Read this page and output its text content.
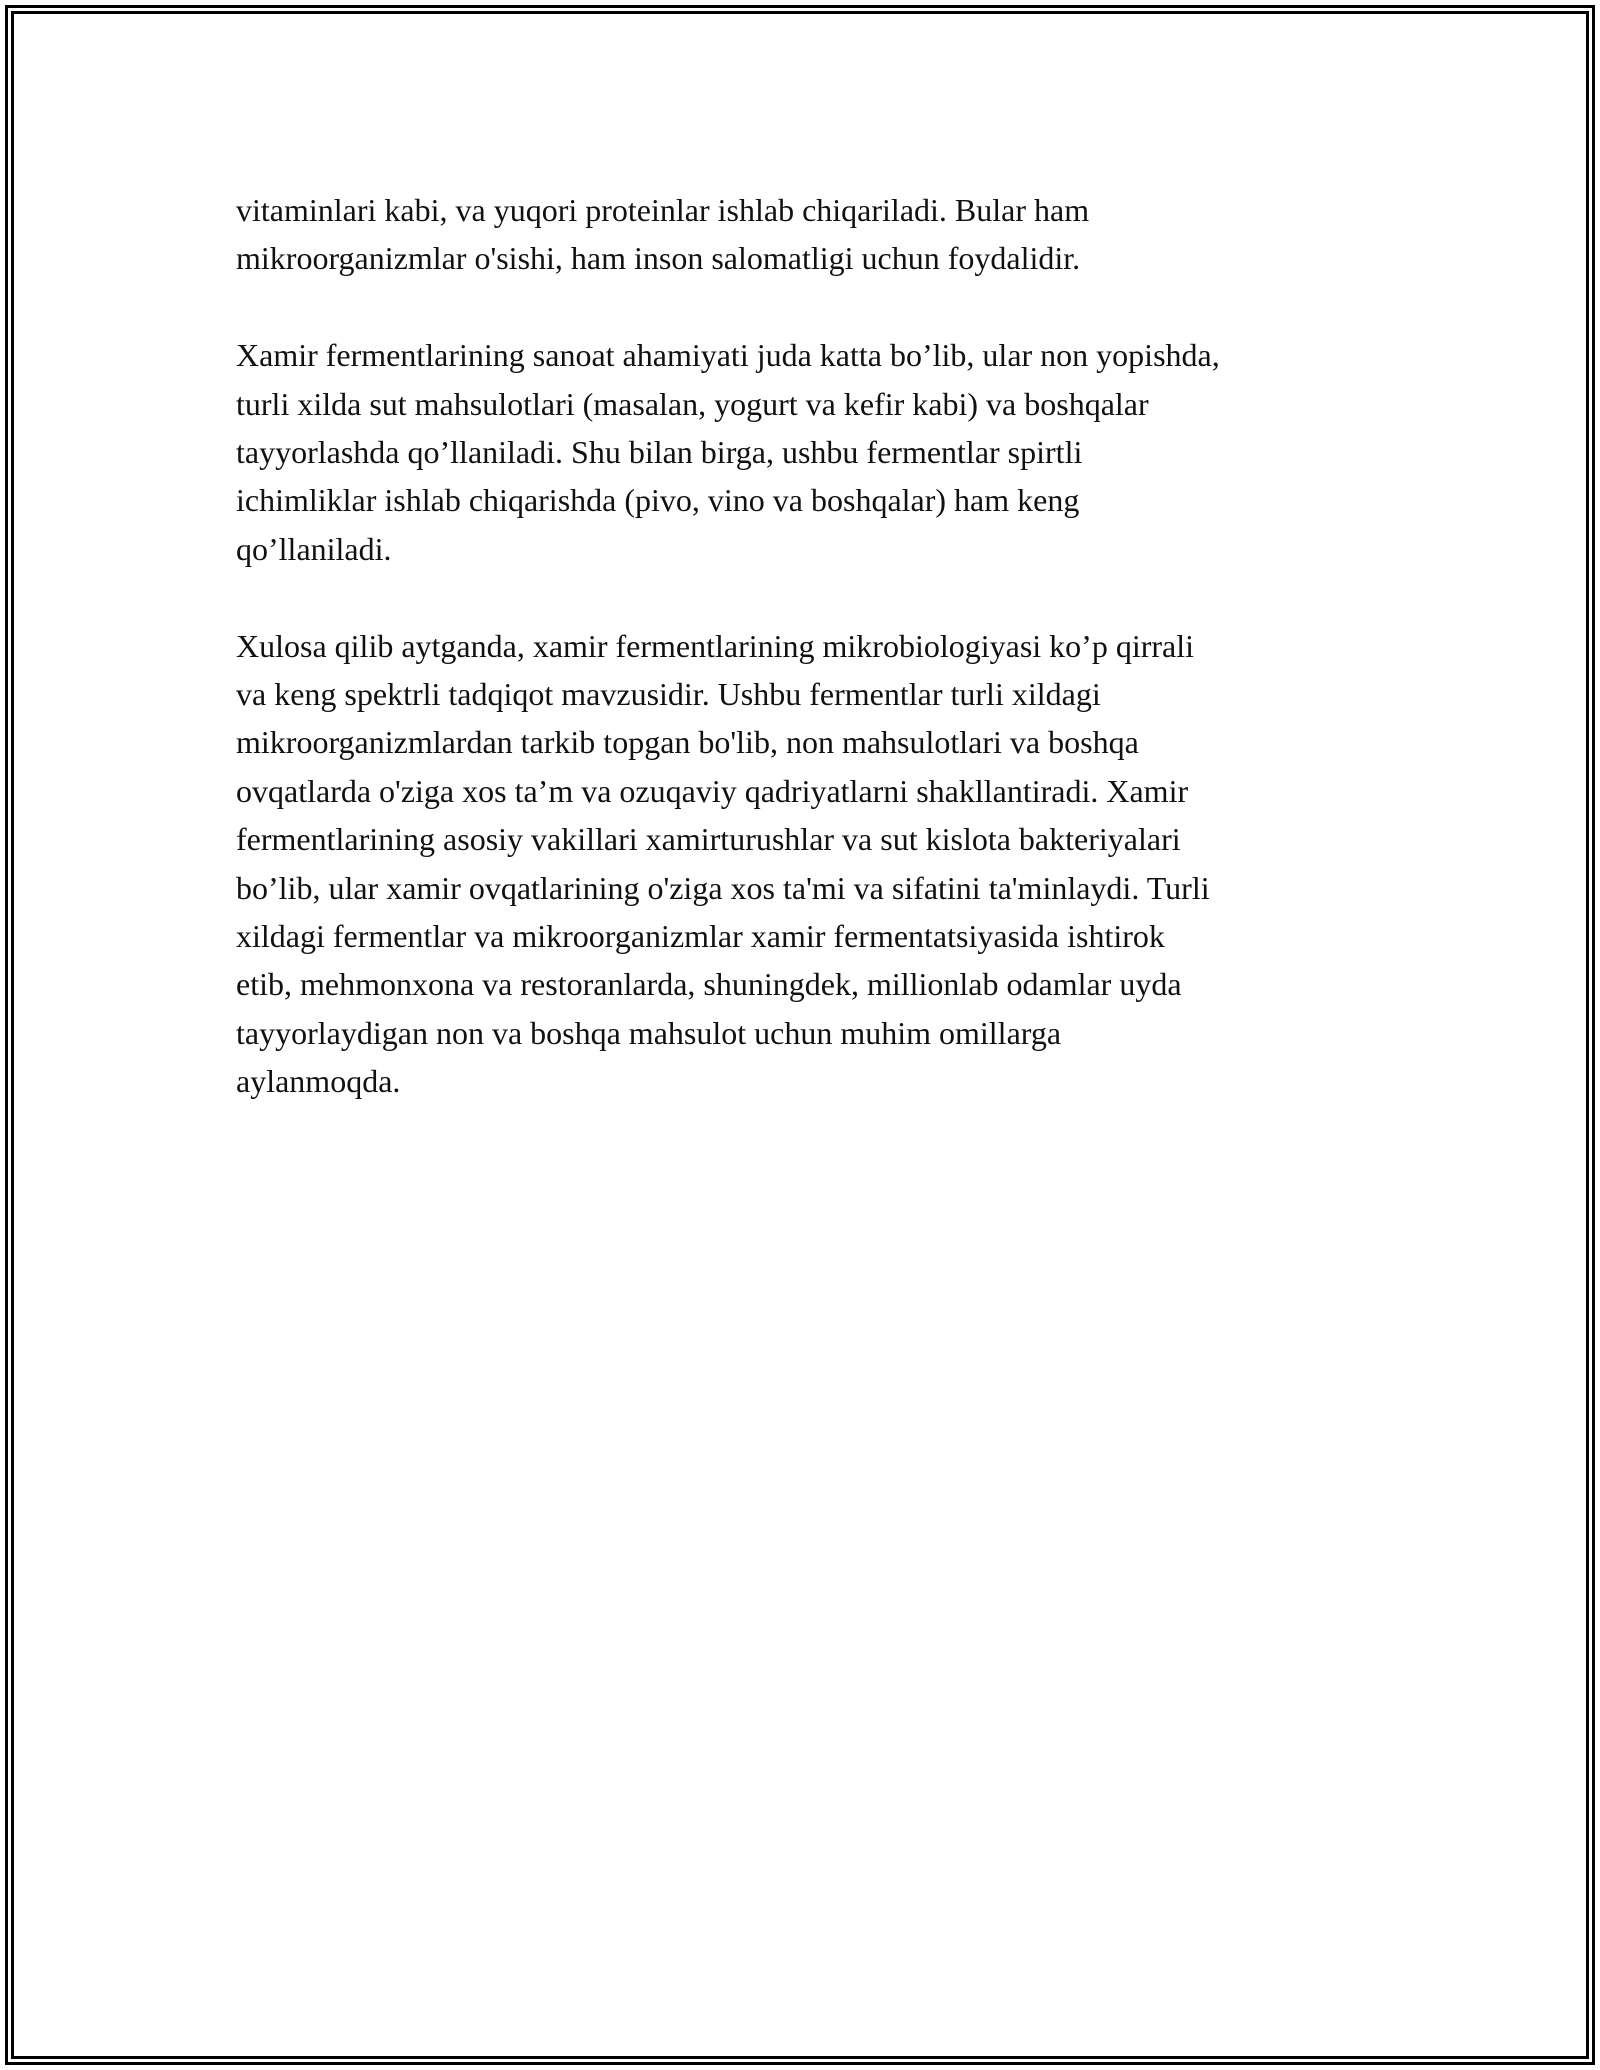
vitaminlari kabi, va yuqori proteinlar ishlab chiqariladi. Bular ham
mikroorganizmlar o'sishi, ham inson salomatligi uchun foydalidir.

Xamir fermentlarining sanoat ahamiyati juda katta bo’lib, ular non yopishda,
turli xilda sut mahsulotlari (masalan, yogurt va kefir kabi) va boshqalar
tayyorlashda qo’llaniladi. Shu bilan birga, ushbu fermentlar spirtli
ichimliklar ishlab chiqarishda (pivo, vino va boshqalar) ham keng
qo’llaniladi.

Xulosa qilib aytganda, xamir fermentlarining mikrobiologiyasi ko’p qirrali
va keng spektrli tadqiqot mavzusidir. Ushbu fermentlar turli xildagi
mikroorganizmlardan tarkib topgan bo'lib, non mahsulotlari va boshqa
ovqatlarda o'ziga xos ta’m va ozuqaviy qadriyatlarni shakllantiradi. Xamir
fermentlarining asosiy vakillari xamirturushlar va sut kislota bakteriyalari
bo’lib, ular xamir ovqatlarining o'ziga xos ta'mi va sifatini ta'minlaydi. Turli
xildagi fermentlar va mikroorganizmlar xamir fermentatsiyasida ishtirok
etib, mehmonxona va restoranlarda, shuningdek, millionlab odamlar uyda
tayyorlaydigan non va boshqa mahsulot uchun muhim omillarga
aylanmoqda.
